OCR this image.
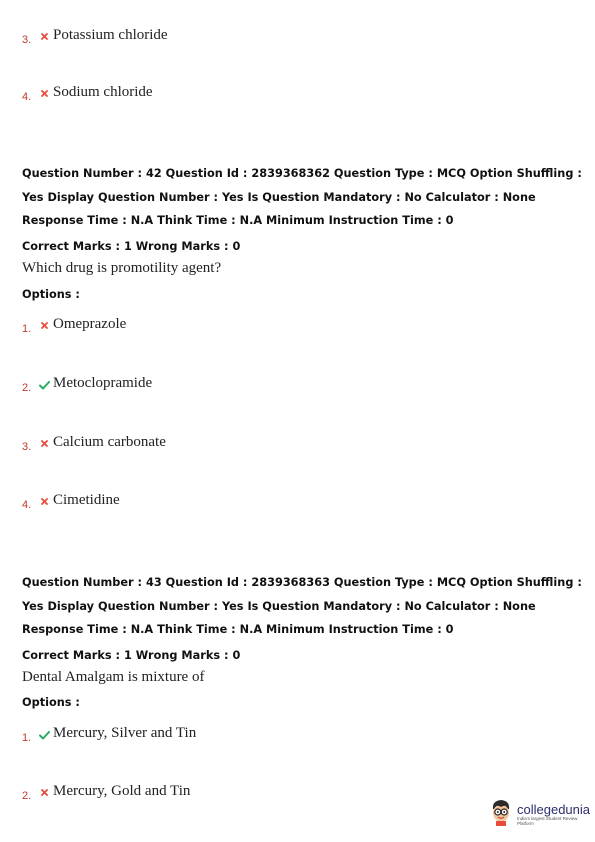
3.	Potassium chloride
4.	Sodium chloride
Question Number : 42 Question Id : 2839368362 Question Type : MCQ Option Shuffling : Yes Display Question Number : Yes Is Question Mandatory : No Calculator : None Response Time : N.A Think Time : N.A Minimum Instruction Time : 0
Correct Marks : 1 Wrong Marks : 0
Which drug is promotility agent?
Options :
1.	Omeprazole
2.	Metoclopramide
3.	Calcium carbonate
4.	Cimetidine
Question Number : 43 Question Id : 2839368363 Question Type : MCQ Option Shuffling : Yes Display Question Number : Yes Is Question Mandatory : No Calculator : None Response Time : N.A Think Time : N.A Minimum Instruction Time : 0
Correct Marks : 1 Wrong Marks : 0
Dental Amalgam is mixture of
Options :
1.	Mercury, Silver and Tin
2.	Mercury, Gold and Tin
collegedunia
India's largest Student Review Platform
